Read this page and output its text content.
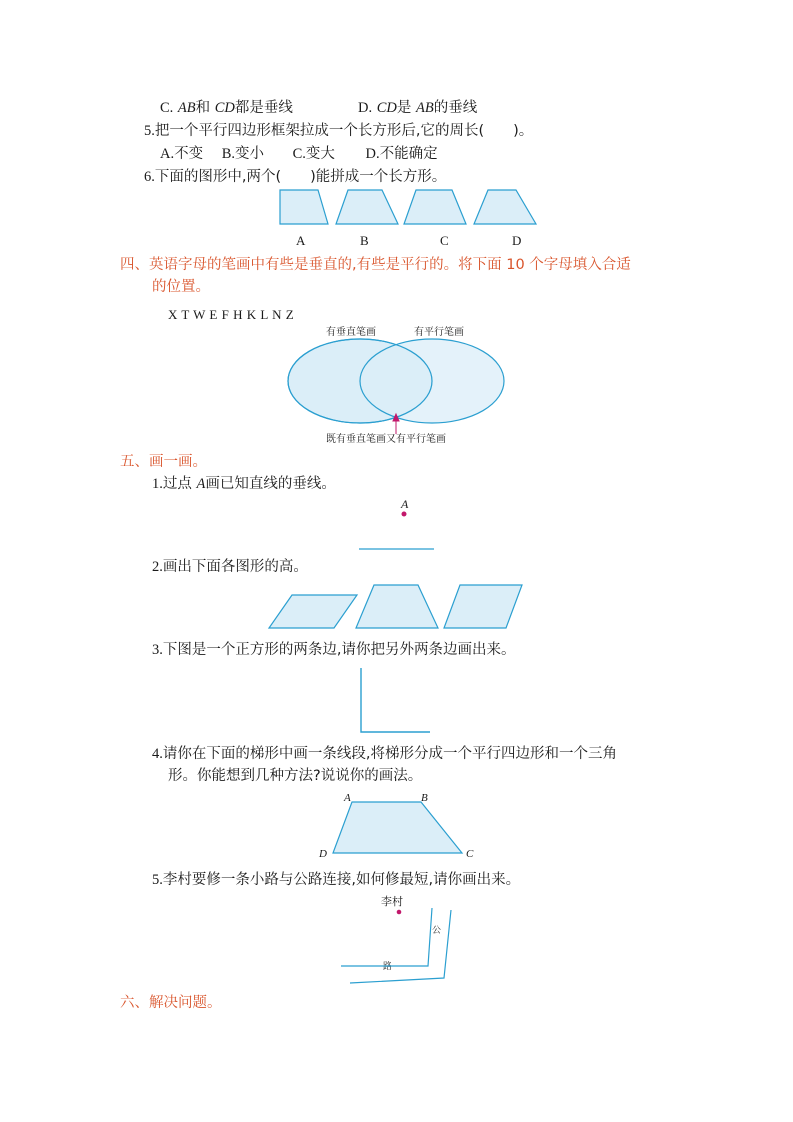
C. AB和 CD都是垂线	D. CD是 AB的垂线
5.把一个平行四边形框架拉成一个长方形后,它的周长(　　)。
A.不变 B.变小 C.变大 D.不能确定
6.下面的图形中,两个(　　)能拼成一个长方形。
A	B	C	D
四、英语字母的笔画中有些是垂直的,有些是平行的。将下面 10 个字母填入合适
的位置。
X T W E F H K L N Z
有垂直笔画	有平行笔画
既有垂直笔画又有平行笔画
五、画一画。
1.过点 A画已知直线的垂线。
A
2.画出下面各图形的高。
3.下图是一个正方形的两条边,请你把另外两条边画出来。
4.请你在下面的梯形中画一条线段,将梯形分成一个平行四边形和一个三角
形。你能想到几种方法?说说你的画法。
A	B
C
D
5.李村要修一条小路与公路连接,如何修最短,请你画出来。
李村
公
路
六、解决问题。
